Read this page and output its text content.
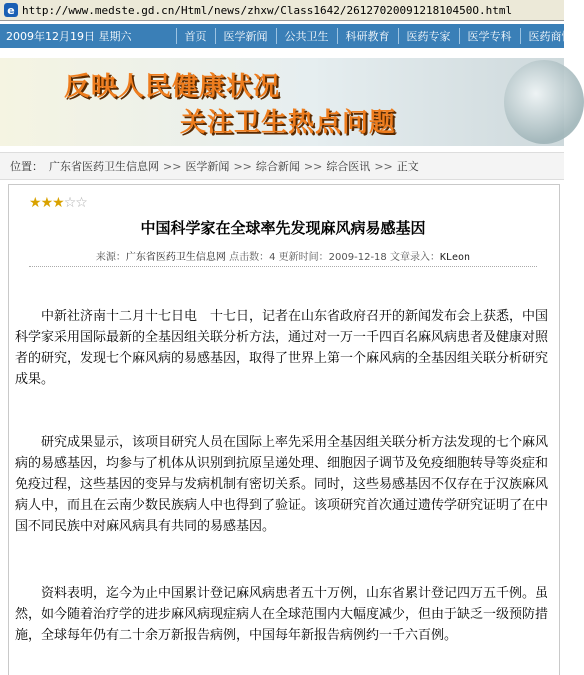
e http://www.medste.gd.cn/Html/news/zhxw/Class1642/2612702009121810450O.html
2009年12月19日 星期六	首页	医学新闻	公共卫生	科研教育	医药专家	医学专科	医药商情
反映人民健康状况
关注卫生热点问题
位置： 广东省医药卫生信息网 >> 医学新闻 >> 综合新闻 >> 综合医讯 >> 正文
★★★☆☆
中国科学家在全球率先发现麻风病易感基因
来源：广东省医药卫生信息网 点击数：4 更新时间：2009-12-18 文章录入：KLeon

中新社济南十二月十七日电　十七日，记者在山东省政府召开的新闻发布会上获悉，中国科学家采用国际最新的全基因组关联分析方法，通过对一万一千四百名麻风病患者及健康对照者的研究，发现七个麻风病的易感基因，取得了世界上第一个麻风病的全基因组关联分析研究成果。

研究成果显示，该项目研究人员在国际上率先采用全基因组关联分析方法发现的七个麻风病的易感基因，均参与了机体从识别到抗原呈递处理、细胞因子调节及免疫细胞转导等炎症和免疫过程，这些基因的变异与发病机制有密切关系。同时，这些易感基因不仅存在于汉族麻风病人中，而且在云南少数民族病人中也得到了验证。该项研究首次通过遗传学研究证明了在中国不同民族中对麻风病具有共同的易感基因。

资料表明，迄今为止中国累计登记麻风病患者五十万例，山东省累计登记四万五千例。虽然，如今随着治疗学的进步麻风病现症病人在全球范围内大幅度减少，但由于缺乏一级预防措施，全球每年仍有二十余万新报告病例，中国每年新报告病例约一千六百例。
